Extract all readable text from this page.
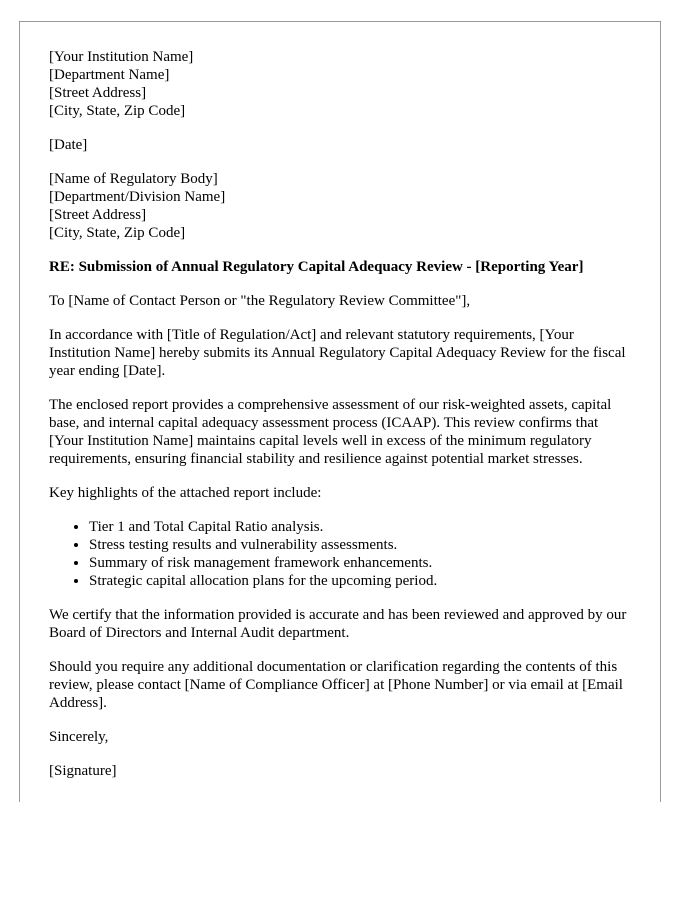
[Your Institution Name]
[Department Name]
[Street Address]
[City, State, Zip Code]
[Date]
[Name of Regulatory Body]
[Department/Division Name]
[Street Address]
[City, State, Zip Code]
RE: Submission of Annual Regulatory Capital Adequacy Review - [Reporting Year]

To [Name of Contact Person or "the Regulatory Review Committee"],

In accordance with [Title of Regulation/Act] and relevant statutory requirements, [Your Institution Name] hereby submits its Annual Regulatory Capital Adequacy Review for the fiscal year ending [Date].

The enclosed report provides a comprehensive assessment of our risk-weighted assets, capital base, and internal capital adequacy assessment process (ICAAP). This review confirms that [Your Institution Name] maintains capital levels well in excess of the minimum regulatory requirements, ensuring financial stability and resilience against potential market stresses.

Key highlights of the attached report include:

• Tier 1 and Total Capital Ratio analysis.
• Stress testing results and vulnerability assessments.
• Summary of risk management framework enhancements.
• Strategic capital allocation plans for the upcoming period.

We certify that the information provided is accurate and has been reviewed and approved by our Board of Directors and Internal Audit department.

Should you require any additional documentation or clarification regarding the contents of this review, please contact [Name of Compliance Officer] at [Phone Number] or via email at [Email Address].

Sincerely,

[Signature]
